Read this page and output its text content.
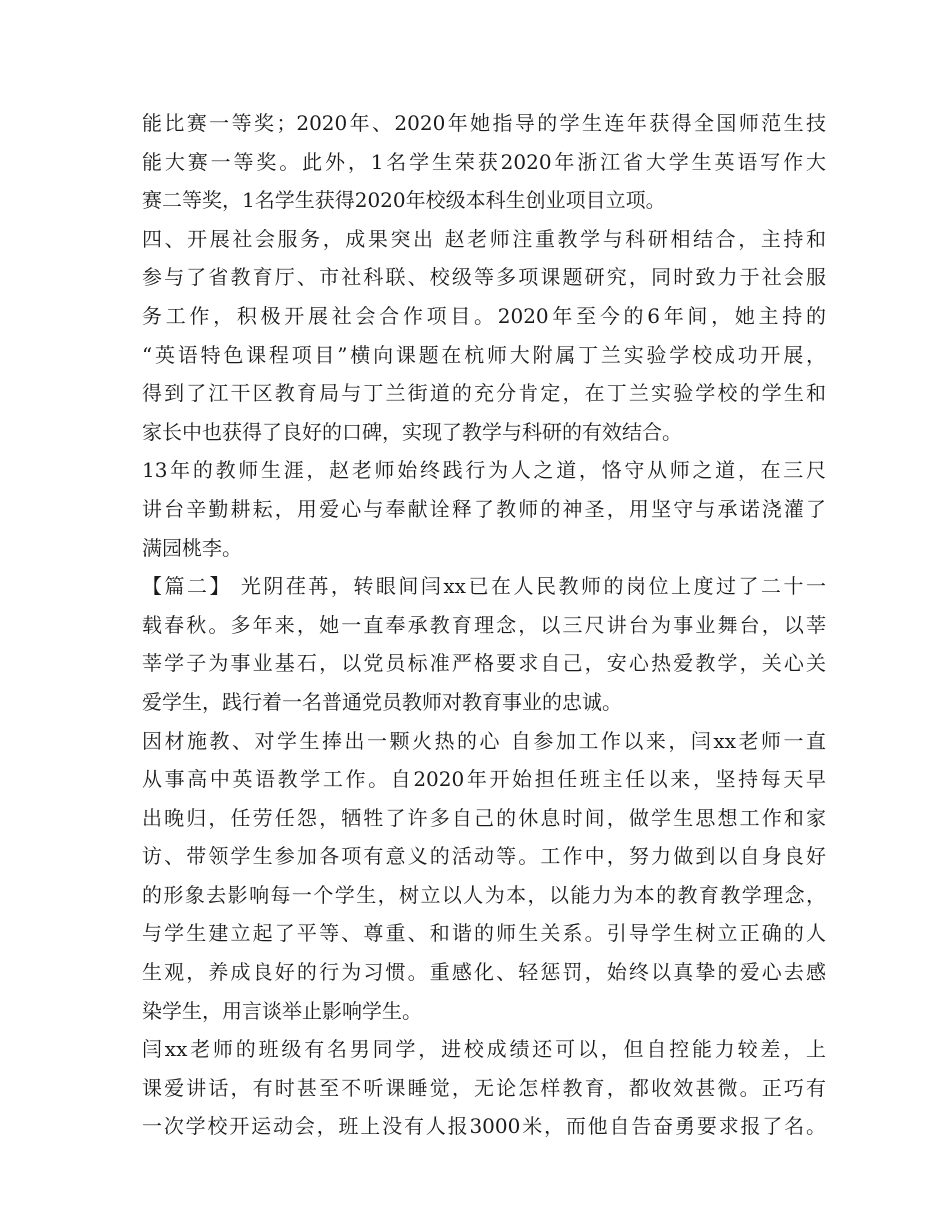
能比赛一等奖；2020年、2020年她指导的学生连年获得全国师范生技
能大赛一等奖。此外，1名学生荣获2020年浙江省大学生英语写作大
赛二等奖，1名学生获得2020年校级本科生创业项目立项。
四、开展社会服务，成果突出 赵老师注重教学与科研相结合，主持和
参与了省教育厅、市社科联、校级等多项课题研究，同时致力于社会服
务工作，积极开展社会合作项目。2020年至今的6年间，她主持的
“英语特色课程项目”横向课题在杭师大附属丁兰实验学校成功开展，
得到了江干区教育局与丁兰街道的充分肯定，在丁兰实验学校的学生和
家长中也获得了良好的口碑，实现了教学与科研的有效结合。
13年的教师生涯，赵老师始终践行为人之道，恪守从师之道，在三尺
讲台辛勤耕耘，用爱心与奉献诠释了教师的神圣，用坚守与承诺浇灌了
满园桃李。
【篇二】 光阴荏苒，转眼间闫xx已在人民教师的岗位上度过了二十一
载春秋。多年来，她一直奉承教育理念，以三尺讲台为事业舞台，以莘
莘学子为事业基石，以党员标准严格要求自己，安心热爱教学，关心关
爱学生，践行着一名普通党员教师对教育事业的忠诚。
因材施教、对学生捧出一颗火热的心 自参加工作以来，闫xx老师一直
从事高中英语教学工作。自2020年开始担任班主任以来，坚持每天早
出晚归，任劳任怨，牺牲了许多自己的休息时间，做学生思想工作和家
访、带领学生参加各项有意义的活动等。工作中，努力做到以自身良好
的形象去影响每一个学生，树立以人为本，以能力为本的教育教学理念，
与学生建立起了平等、尊重、和谐的师生关系。引导学生树立正确的人
生观，养成良好的行为习惯。重感化、轻惩罚，始终以真挚的爱心去感
染学生，用言谈举止影响学生。
闫xx老师的班级有名男同学，进校成绩还可以，但自控能力较差，上
课爱讲话，有时甚至不听课睡觉，无论怎样教育，都收效甚微。正巧有
一次学校开运动会，班上没有人报3000米，而他自告奋勇要求报了名。
